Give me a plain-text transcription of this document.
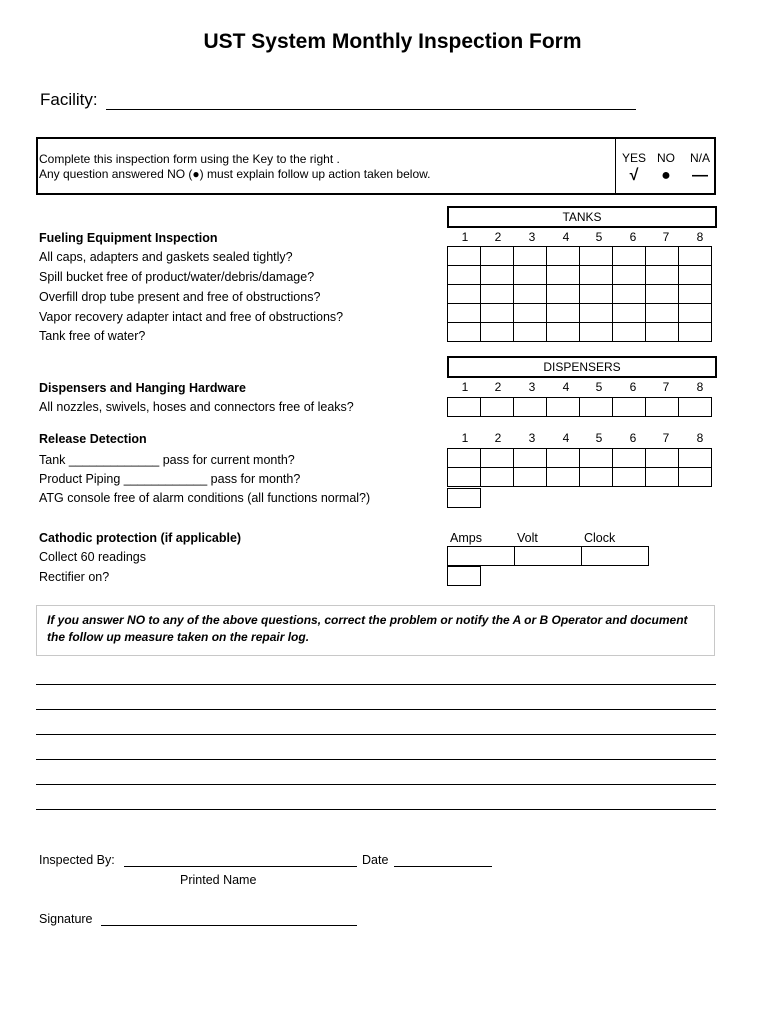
UST System Monthly Inspection Form
Facility:
Complete this inspection form using the Key to the right .
Any question answered NO (●) must explain follow up action taken below.
YES NO	N/A
√	●	—
TANKS
Fueling Equipment Inspection	1	2	3	4	5	6	7	8
All caps, adapters and gaskets sealed tightly?
Spill bucket free of product/water/debris/damage?
Overfill drop tube present and free of obstructions?
Vapor recovery adapter intact and free of obstructions?
Tank free of water?

DISPENSERS
Dispensers and Hanging Hardware	1	2	3	4	5	6	7	8
All nozzles, swivels, hoses and connectors free of leaks?

Release Detection	1	2	3	4	5	6	7	8
Tank _____________ pass for current month?
Product Piping ____________ pass for month?
ATG console free of alarm conditions (all functions normal?)

Cathodic protection (if applicable)	Amps	Volt	Clock
Collect 60 readings
Rectifier on?

If you answer NO to any of the above questions, correct the problem or notify the A or B Operator and document the follow up measure taken on the repair log.
Inspected By:	Date
Printed Name
Signature
